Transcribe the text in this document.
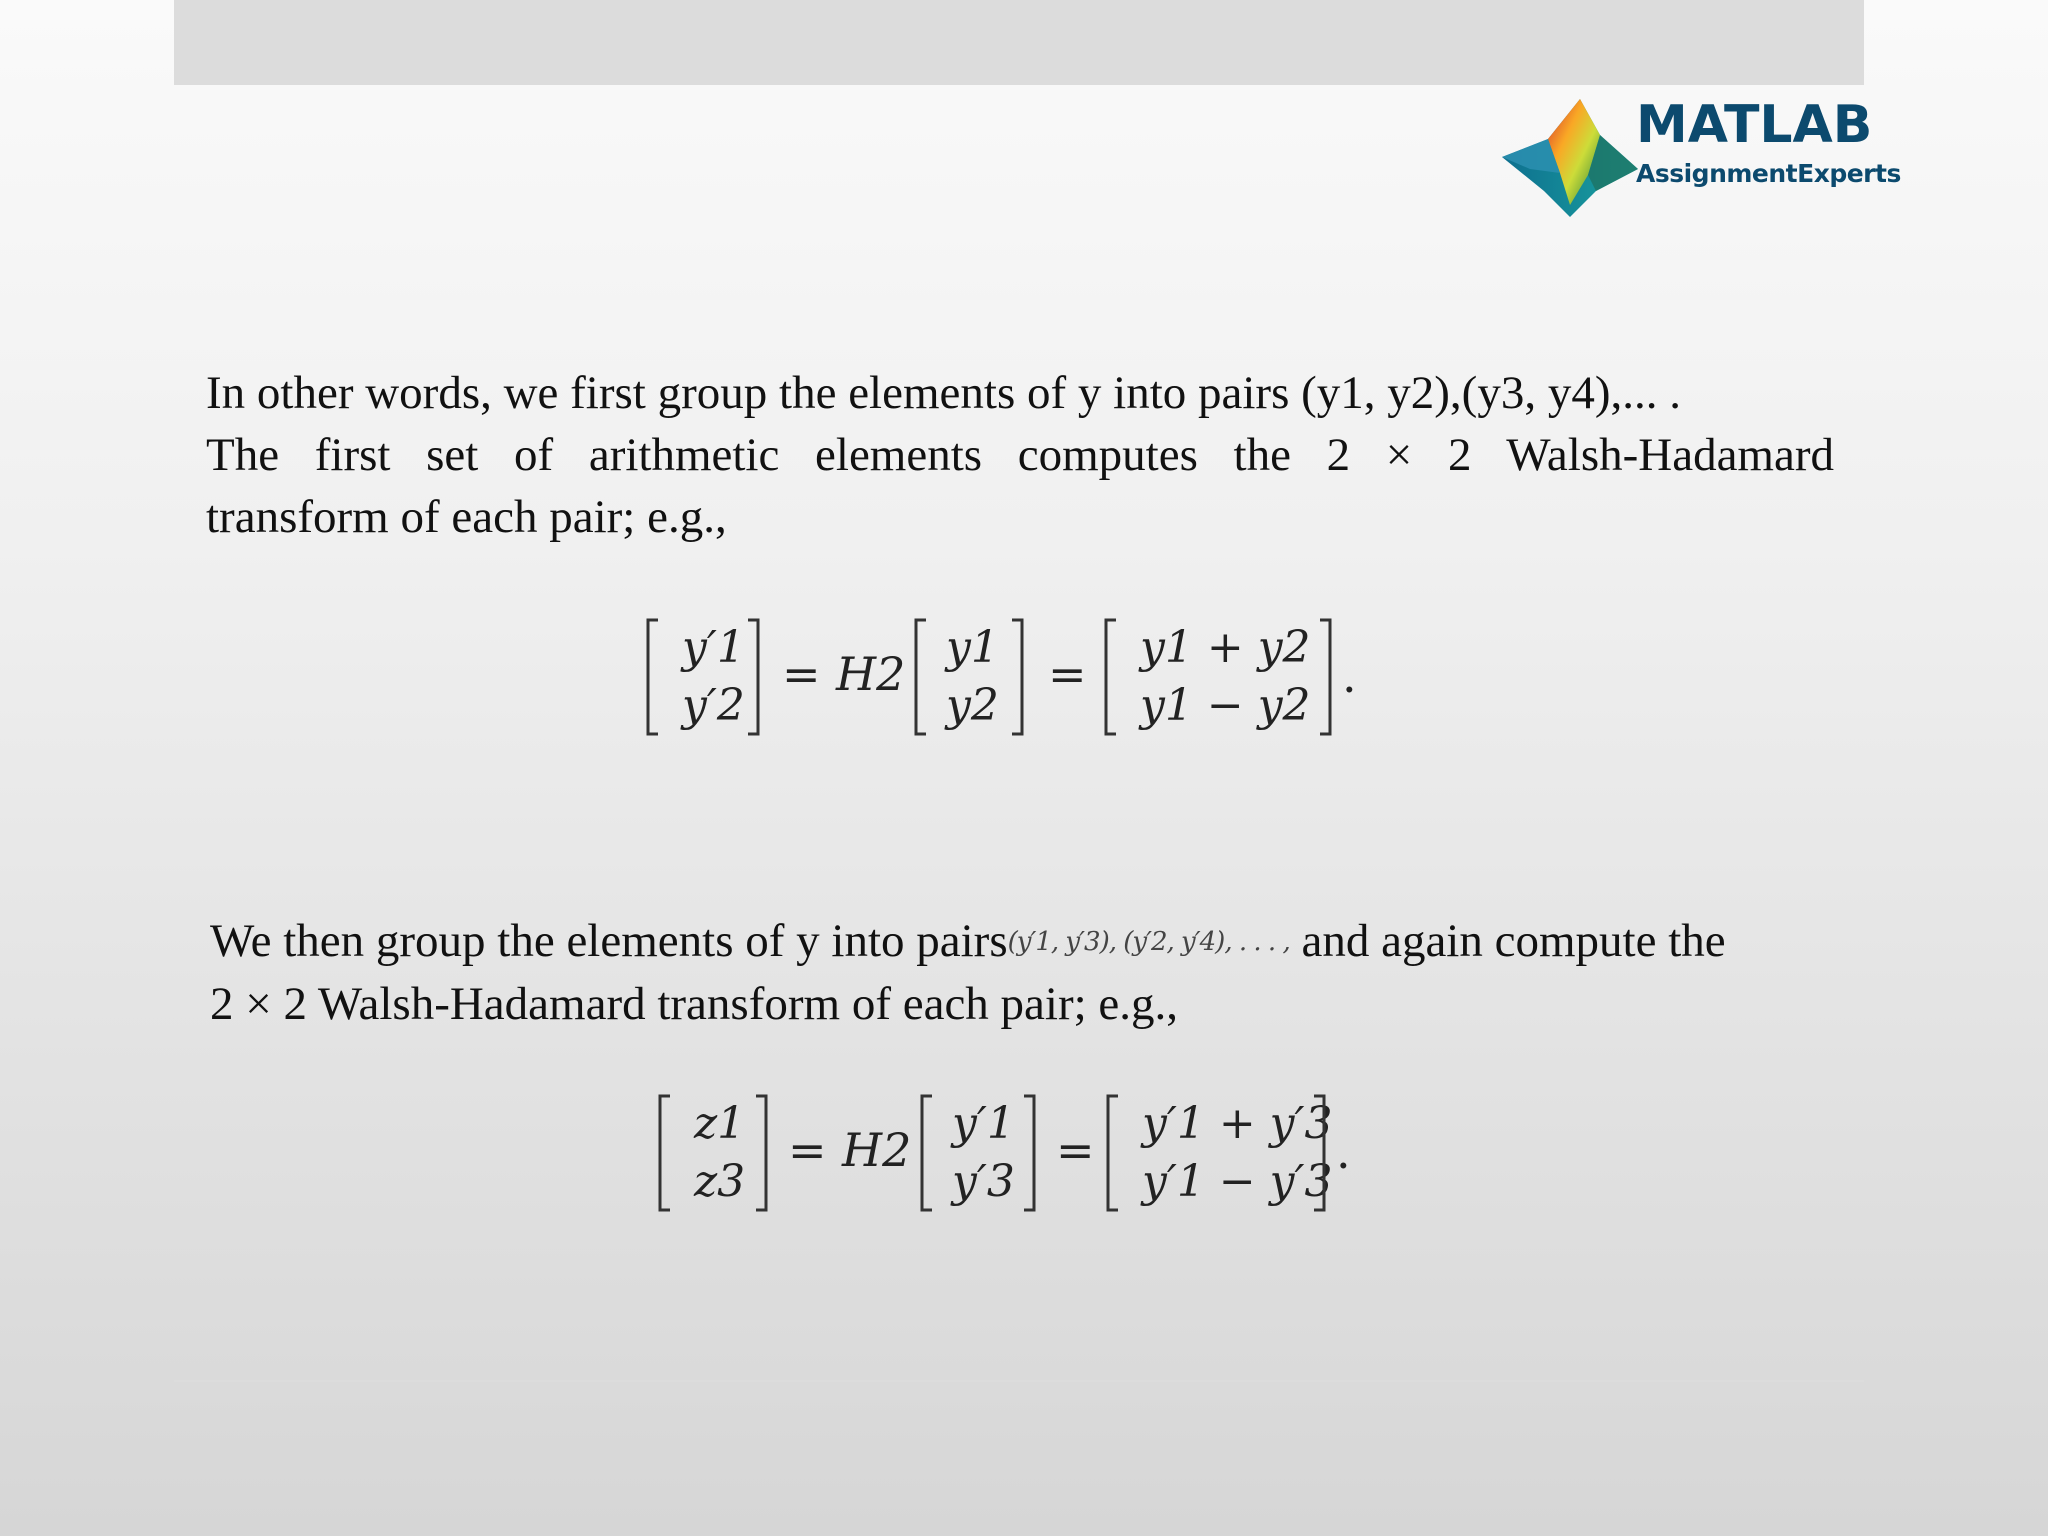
MATLAB
AssignmentExperts
In other words, we first group the elements of y into pairs (y1, y2),(y3, y4),... .
The first set of arithmetic elements computes the 2 × 2 Walsh-Hadamard
transform of each pair; e.g.,
y′1
y′2
= H2 y1
y2
= y1 + y2
y1 − y2
.
We then group the elements of y into pairs(y′1, y′3), (y′2, y′4), . . . , and again compute the
2 × 2 Walsh-Hadamard transform of each pair; e.g.,
z1
z3
= H2 y′1
y′3
= y′1 + y′3
y′1 − y′3
.
